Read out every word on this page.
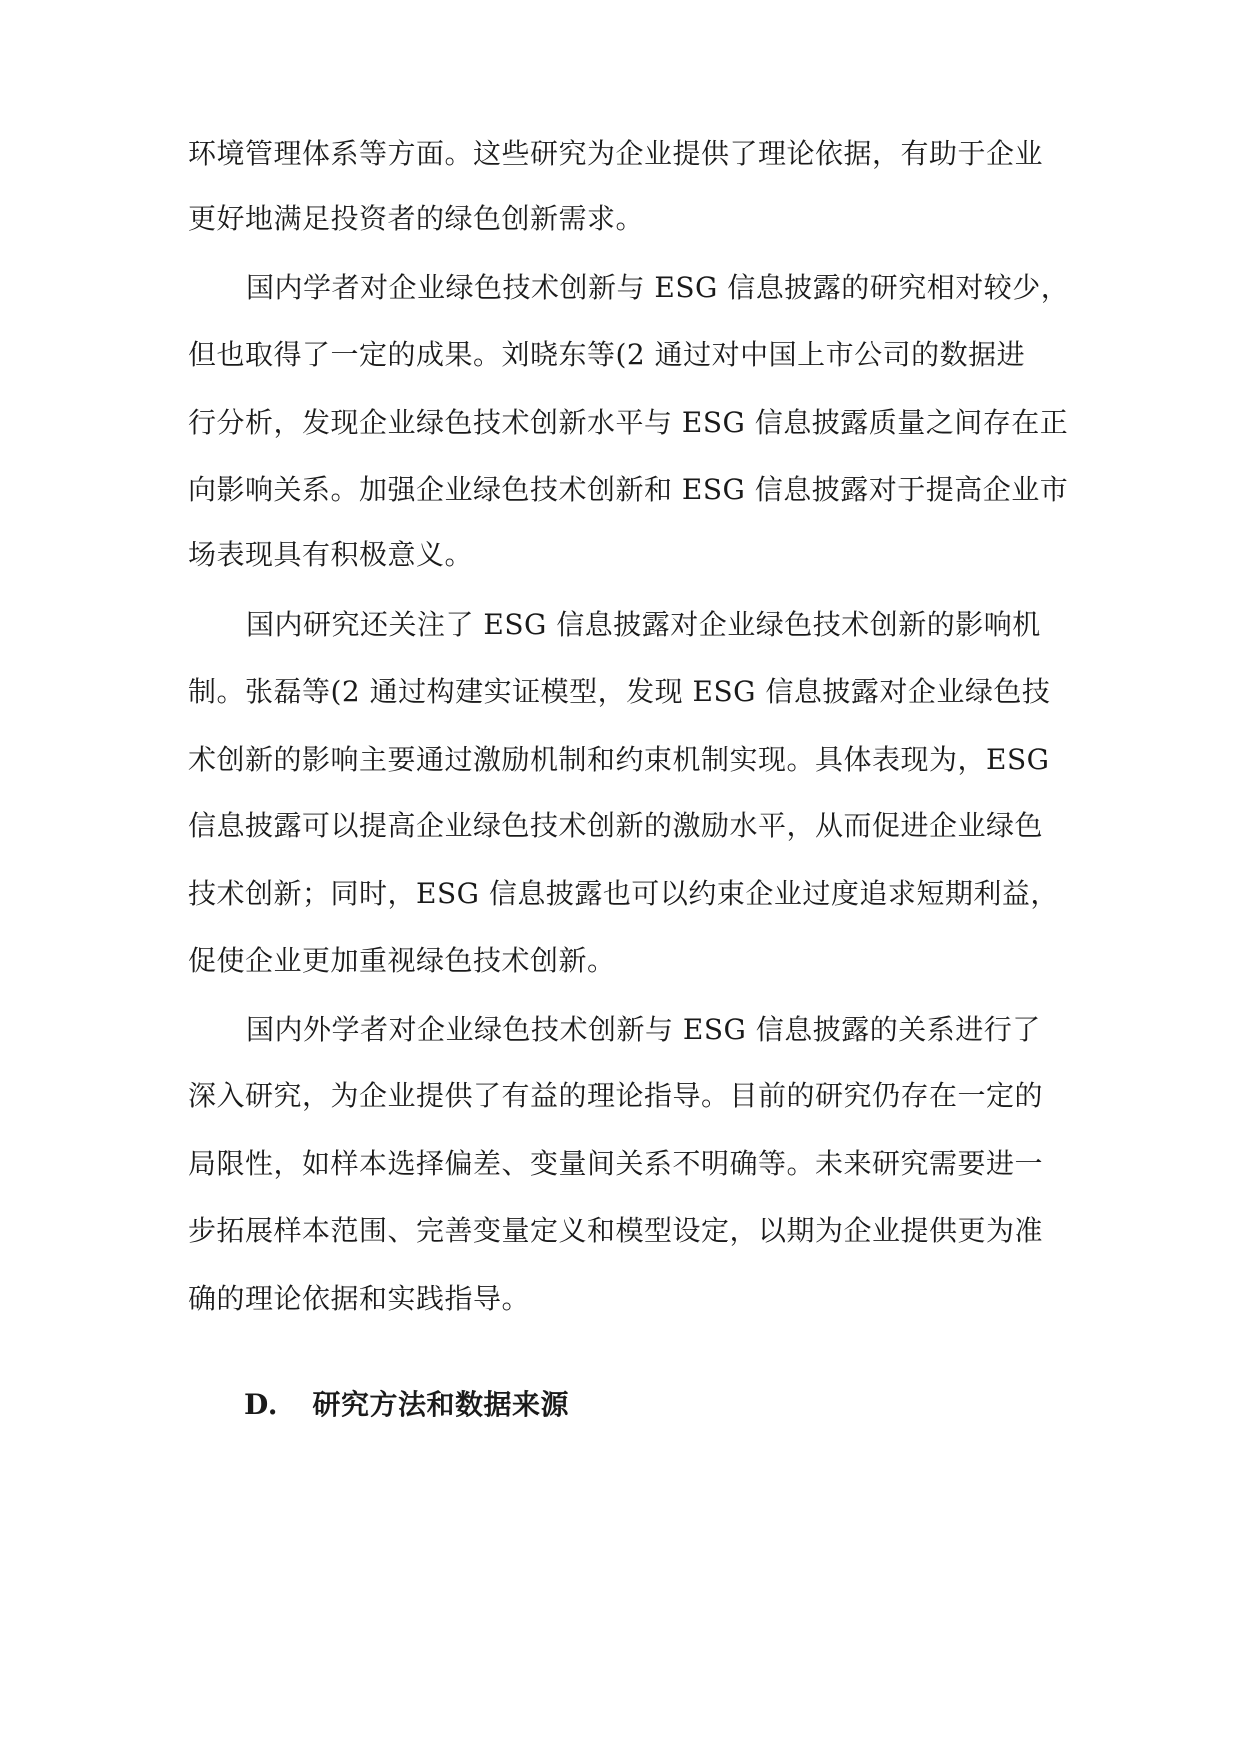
环境管理体系等方面。这些研究为企业提供了理论依据，有助于企业
更好地满足投资者的绿色创新需求。
国内学者对企业绿色技术创新与 ESG 信息披露的研究相对较少，
但也取得了一定的成果。刘晓东等(2 通过对中国上市公司的数据进
行分析，发现企业绿色技术创新水平与 ESG 信息披露质量之间存在正
向影响关系。加强企业绿色技术创新和 ESG 信息披露对于提高企业市
场表现具有积极意义。
国内研究还关注了 ESG 信息披露对企业绿色技术创新的影响机
制。张磊等(2 通过构建实证模型，发现 ESG 信息披露对企业绿色技
术创新的影响主要通过激励机制和约束机制实现。具体表现为，ESG
信息披露可以提高企业绿色技术创新的激励水平，从而促进企业绿色
技术创新；同时，ESG 信息披露也可以约束企业过度追求短期利益，
促使企业更加重视绿色技术创新。
国内外学者对企业绿色技术创新与 ESG 信息披露的关系进行了
深入研究，为企业提供了有益的理论指导。目前的研究仍存在一定的
局限性，如样本选择偏差、变量间关系不明确等。未来研究需要进一
步拓展样本范围、完善变量定义和模型设定，以期为企业提供更为准
确的理论依据和实践指导。
D. 研究方法和数据来源
